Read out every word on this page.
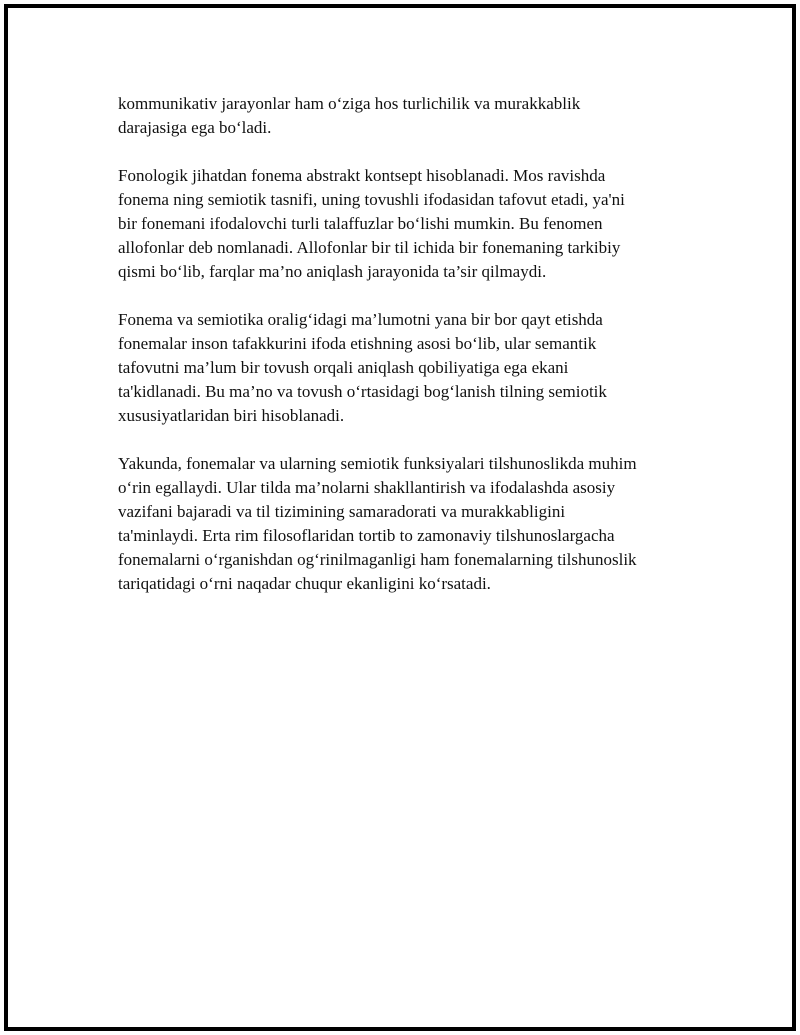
kommunikativ jarayonlar ham o‘ziga hos turlichilik va murakkablik
darajasiga ega bo‘ladi.

Fonologik jihatdan fonema abstrakt kontsept hisoblanadi. Mos ravishda
fonema ning semiotik tasnifi, uning tovushli ifodasidan tafovut etadi, ya'ni
bir fonemani ifodalovchi turli talaffuzlar bo‘lishi mumkin. Bu fenomen
allofonlar deb nomlanadi. Allofonlar bir til ichida bir fonemaning tarkibiy
qismi bo‘lib, farqlar ma’no aniqlash jarayonida ta’sir qilmaydi.

Fonema va semiotika oralig‘idagi ma’lumotni yana bir bor qayt etishda
fonemalar inson tafakkurini ifoda etishning asosi bo‘lib, ular semantik
tafovutni ma’lum bir tovush orqali aniqlash qobiliyatiga ega ekani
ta'kidlanadi. Bu ma’no va tovush o‘rtasidagi bog‘lanish tilning semiotik
xususiyatlaridan biri hisoblanadi.

Yakunda, fonemalar va ularning semiotik funksiyalari tilshunoslikda muhim
o‘rin egallaydi. Ular tilda ma’nolarni shakllantirish va ifodalashda asosiy
vazifani bajaradi va til tizimining samaradorati va murakkabligini
ta'minlaydi. Erta rim filosoflaridan tortib to zamonaviy tilshunoslargacha
fonemalarni o‘rganishdan og‘rinilmaganligi ham fonemalarning tilshunoslik
tariqatidagi o‘rni naqadar chuqur ekanligini ko‘rsatadi.
